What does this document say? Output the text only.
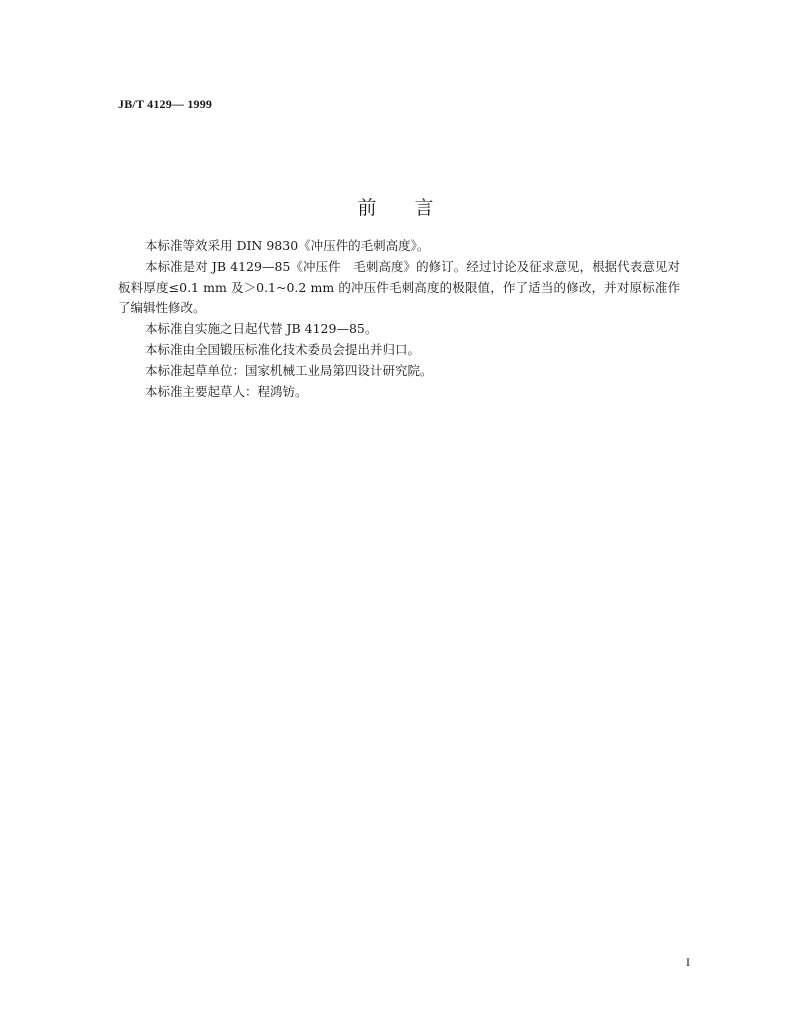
JB/T 4129— 1999
前言

本标准等效采用 DIN 9830《冲压件的毛刺高度》。

本标准是对 JB 4129—85《冲压件　毛刺高度》的修订。经过讨论及征求意见，根据代表意见对板料厚度≤0.1 mm 及＞0.1~0.2 mm 的冲压件毛刺高度的极限值，作了适当的修改，并对原标准作了编辑性修改。

本标准自实施之日起代替 JB 4129—85。

本标准由全国锻压标准化技术委员会提出并归口。

本标准起草单位：国家机械工业局第四设计研究院。

本标准主要起草人：程鸿钫。

I
